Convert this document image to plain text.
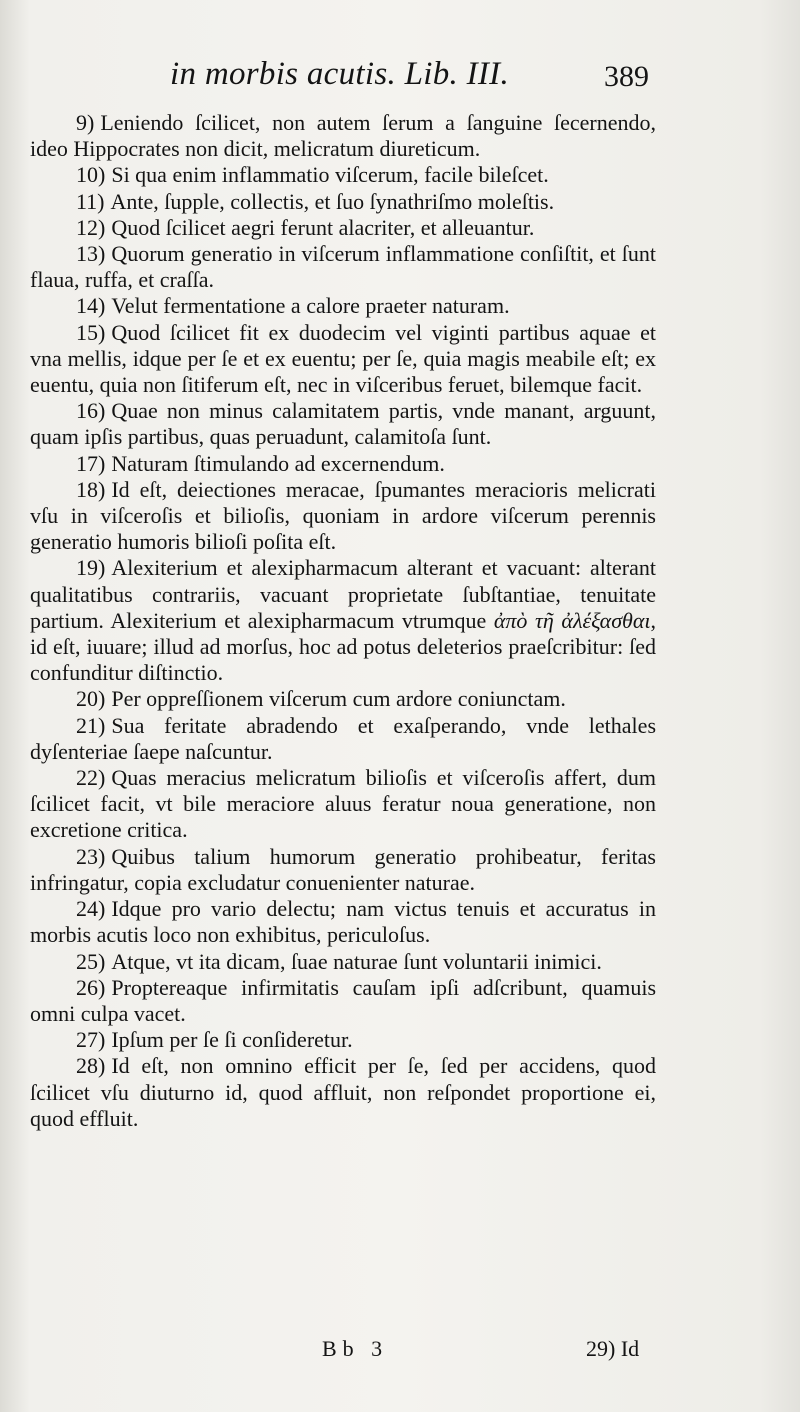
in morbis acutis. Lib. III.	389

9) Leniendo ſcilicet, non autem ſerum a ſanguine ſecernendo, ideo Hippocrates non dicit, melicratum diureticum.

10) Si qua enim inflammatio viſcerum, facile bileſcet.

11) Ante, ſupple, collectis, et ſuo ſynathriſmo moleſtis.

12) Quod ſcilicet aegri ferunt alacriter, et alleuantur.

13) Quorum generatio in viſcerum inflammatione conſiſtit, et ſunt flaua, ruffa, et craſſa.

14) Velut fermentatione a calore praeter naturam.

15) Quod ſcilicet fit ex duodecim vel viginti partibus aquae et vna mellis, idque per ſe et ex euentu; per ſe, quia magis meabile eſt; ex euentu, quia non ſitiferum eſt, nec in viſceribus feruet, bilemque facit.

16) Quae non minus calamitatem partis, vnde manant, arguunt, quam ipſis partibus, quas peruadunt, calamitoſa ſunt.

17) Naturam ſtimulando ad excernendum.

18) Id eſt, deiectiones meracae, ſpumantes meracioris melicrati vſu in viſceroſis et bilioſis, quoniam in ardore viſcerum perennis generatio humoris bilioſi poſita eſt.

19) Alexiterium et alexipharmacum alterant et vacuant: alterant qualitatibus contrariis, vacuant proprietate ſubſtantiae, tenuitate partium. Alexiterium et alexipharmacum vtrumque ἀπὸ τῆ ἀλέξασθαι, id eſt, iuuare; illud ad morſus, hoc ad potus deleterios praeſcribitur: ſed confunditur diſtinctio.

20) Per oppreſſionem viſcerum cum ardore coniunctam.

21) Sua feritate abradendo et exaſperando, vnde lethales dyſenteriae ſaepe naſcuntur.

22) Quas meracius melicratum bilioſis et viſceroſis affert, dum ſcilicet facit, vt bile meraciore aluus feratur noua generatione, non excretione critica.

23) Quibus talium humorum generatio prohibeatur, feritas infringatur, copia excludatur conuenienter naturae.

24) Idque pro vario delectu; nam victus tenuis et accuratus in morbis acutis loco non exhibitus, periculoſus.

25) Atque, vt ita dicam, ſuae naturae ſunt voluntarii inimici.

26) Proptereaque infirmitatis cauſam ipſi adſcribunt, quamuis omni culpa vacet.

27) Ipſum per ſe ſi conſideretur.

28) Id eſt, non omnino efficit per ſe, ſed per accidens, quod ſcilicet vſu diuturno id, quod affluit, non reſpondet proportione ei, quod effluit.

Bb 3	29) Id
